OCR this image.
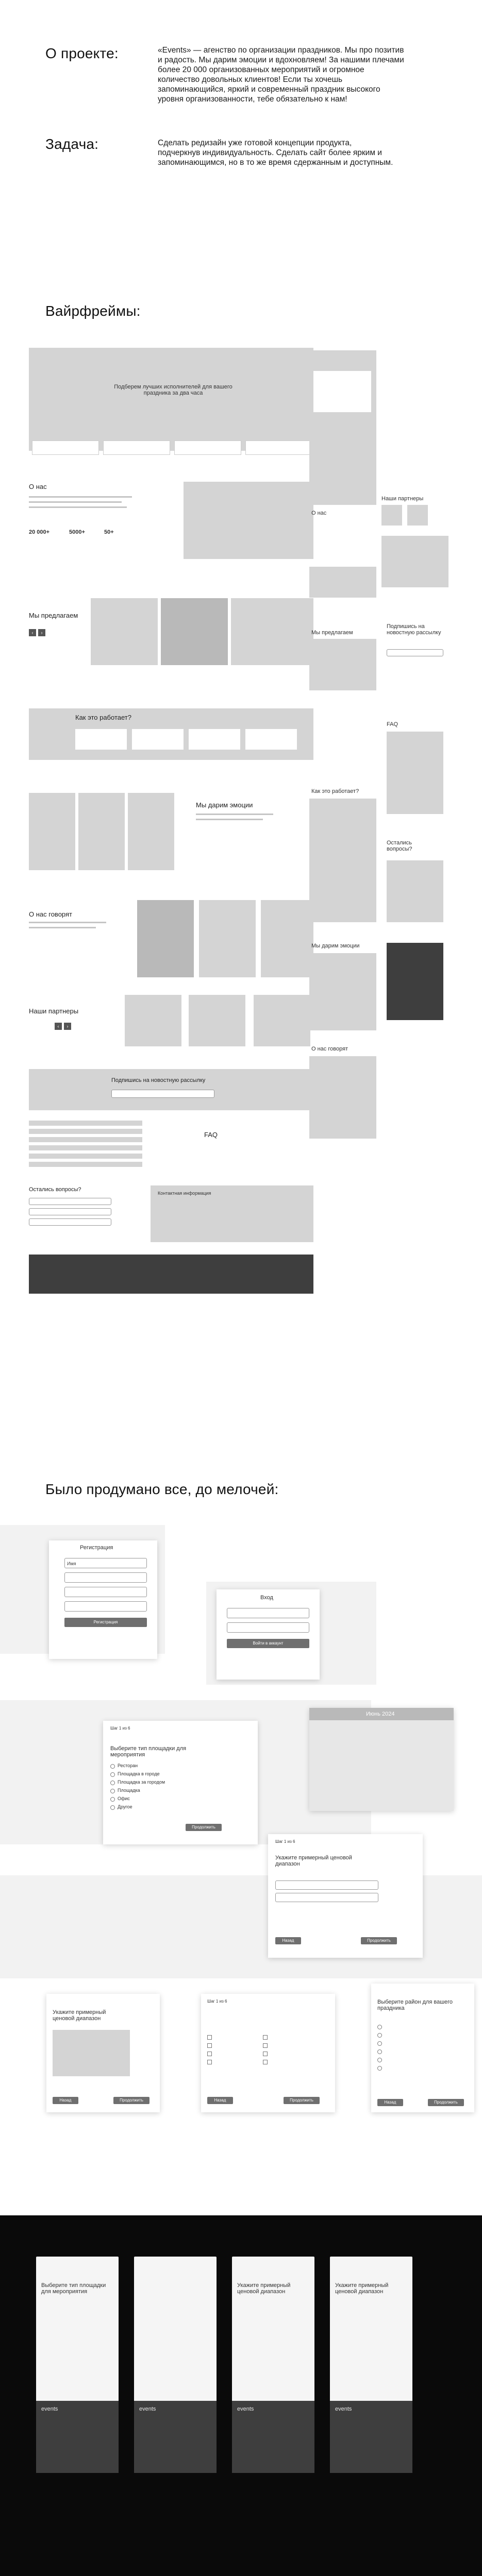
О проекте:	«Events» — агенство по организации праздников. Мы про позитив и радость. Мы дарим эмоции и вдохновляем! За нашими плечами более 20 000 организованных мероприятий и огромное количество довольных клиентов! Если ты хочешь запоминающийся, яркий и современный праздник высокого уровня организованности, тебе обязательно к нам!
Задача:	Сделать редизайн уже готовой концепции продукта, подчеркнув индивидуальность. Сделать сайт более ярким и запоминающимся, но в то же время сдержанным и доступным.
Вайрфреймы:
Подберем лучших исполнителей для вашего праздника за два часа
О нас
20 000+	5000+	50+
Мы предлагаем
‹	›
Как это работает?
Мы дарим эмоции
О нас говорят
Наши партнеры
‹	›
Подпишись на новостную рассылку
FAQ
Остались вопросы?
Контактная информация
Наши партнеры
О нас
Подпишись на новостную рассылку
Мы предлагаем
FAQ
Как это работает?
Остались вопросы?
Мы дарим эмоции
О нас говорят
Было продумано все, до мелочей:
Регистрация
Имя
Регистрация
Вход
Войти в аккаунт
Шаг 1 из 6
Выберите тип площадки для мероприятия
Ресторан
Площадка в городе
Площадка за городом
Площадка
Офис
Другое
Продолжить
Июнь 2024
Шаг 1 из 6
Укажите примерный ценовой диапазон
Назад	Продолжить
Укажите примерный ценовой диапазон
Назад	Продолжить
Шаг 1 из 6
Назад	Продолжить
Выберите район для вашего праздника
Назад	Продолжить
Выберите тип площадки для мероприятия
events	events
Укажите примерный ценовой диапазон
events
Укажите примерный ценовой диапазон
events
